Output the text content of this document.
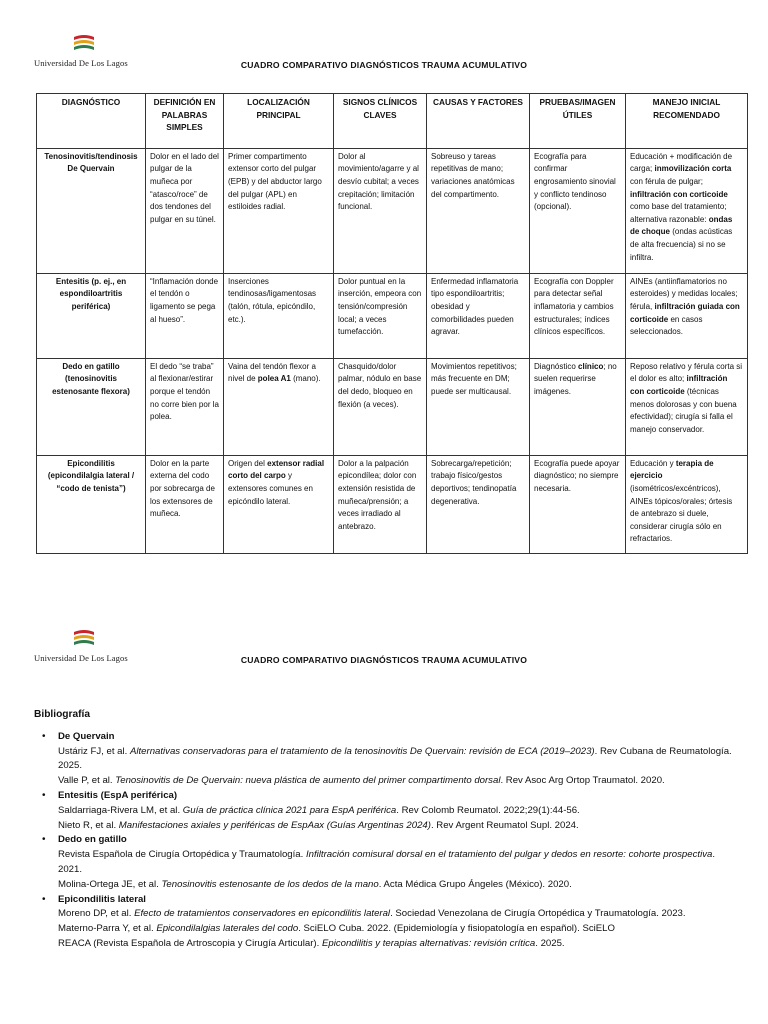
Universidad De Los Lagos	CUADRO COMPARATIVO DIAGNÓSTICOS TRAUMA ACUMULATIVO
DIAGNÓSTICO	DEFINICIÓN EN PALABRAS SIMPLES	LOCALIZACIÓN PRINCIPAL	SIGNOS CLÍNICOS CLAVES	CAUSAS Y FACTORES	PRUEBAS/IMAGEN ÚTILES	MANEJO INICIAL RECOMENDADO
Tenosinovitis/tendinosis De Quervain	Dolor en el lado del pulgar de la muñeca por “atasco/roce” de dos tendones del pulgar en su túnel.	Primer compartimento extensor corto del pulgar (EPB) y del abductor largo del pulgar (APL) en estiloides radial.	Dolor al movimiento/agarre y al desvío cubital; a veces crepitación; limitación funcional.	Sobreuso y tareas repetitivas de mano; variaciones anatómicas del compartimento.	Ecografía para confirmar engrosamiento sinovial y conflicto tendinoso (opcional).	Educación + modificación de carga; inmovilización corta con férula de pulgar; infiltración con corticoide como base del tratamiento; alternativa razonable: ondas de choque (ondas acústicas de alta frecuencia) si no se infiltra.
Entesitis (p. ej., en espondiloartritis periférica)	“Inflamación donde el tendón o ligamento se pega al hueso”.	Inserciones tendinosas/ligamentosas (talón, rótula, epicóndilo, etc.).	Dolor puntual en la inserción, empeora con tensión/compresión local; a veces tumefacción.	Enfermedad inflamatoria tipo espondiloartritis; obesidad y comorbilidades pueden agravar.	Ecografía con Doppler para detectar señal inflamatoria y cambios estructurales; índices clínicos específicos.	AINEs (antiinflamatorios no esteroides) y medidas locales; férula, infiltración guiada con corticoide en casos seleccionados.
Dedo en gatillo (tenosinovitis estenosante flexora)	El dedo “se traba” al flexionar/estirar porque el tendón no corre bien por la polea.	Vaina del tendón flexor a nivel de polea A1 (mano).	Chasquido/dolor palmar, nódulo en base del dedo, bloqueo en flexión (a veces).	Movimientos repetitivos; más frecuente en DM; puede ser multicausal.	Diagnóstico clínico; no suelen requerirse imágenes.	Reposo relativo y férula corta si el dolor es alto; infiltración con corticoide (técnicas menos dolorosas y con buena efectividad); cirugía si falla el manejo conservador.
Epicondilitis (epicondilalgia lateral / “codo de tenista”)	Dolor en la parte externa del codo por sobrecarga de los extensores de muñeca.	Origen del extensor radial corto del carpo y extensores comunes en epicóndilo lateral.	Dolor a la palpación epicondílea; dolor con extensión resistida de muñeca/prensión; a veces irradiado al antebrazo.	Sobrecarga/repetición; trabajo físico/gestos deportivos; tendinopatía degenerativa.	Ecografía puede apoyar diagnóstico; no siempre necesaria.	Educación y terapia de ejercicio (isométricos/excéntricos), AINEs tópicos/orales; órtesis de antebrazo si duele, considerar cirugía sólo en refractarios.
Universidad De Los Lagos	CUADRO COMPARATIVO DIAGNÓSTICOS TRAUMA ACUMULATIVO
Bibliografía
• De Quervain
Ustáriz FJ, et al. Alternativas conservadoras para el tratamiento de la tenosinovitis De Quervain: revisión de ECA (2019–2023). Rev Cubana de Reumatología. 2025.
Valle P, et al. Tenosinovitis de De Quervain: nueva plástica de aumento del primer compartimento dorsal. Rev Asoc Arg Ortop Traumatol. 2020.
• Entesitis (EspA periférica)
Saldarriaga-Rivera LM, et al. Guía de práctica clínica 2021 para EspA periférica. Rev Colomb Reumatol. 2022;29(1):44-56.
Nieto R, et al. Manifestaciones axiales y periféricas de EspAax (Guías Argentinas 2024). Rev Argent Reumatol Supl. 2024.
• Dedo en gatillo
Revista Española de Cirugía Ortopédica y Traumatología. Infiltración comisural dorsal en el tratamiento del pulgar y dedos en resorte: cohorte prospectiva. 2021.
Molina-Ortega JE, et al. Tenosinovitis estenosante de los dedos de la mano. Acta Médica Grupo Ángeles (México). 2020.
• Epicondilitis lateral
Moreno DP, et al. Efecto de tratamientos conservadores en epicondilitis lateral. Sociedad Venezolana de Cirugía Ortopédica y Traumatología. 2023.
Materno-Parra Y, et al. Epicondilalgias laterales del codo. SciELO Cuba. 2022. (Epidemiología y fisiopatología en español). SciELO
REACA (Revista Española de Artroscopia y Cirugía Articular). Epicondilitis y terapias alternativas: revisión crítica. 2025.
